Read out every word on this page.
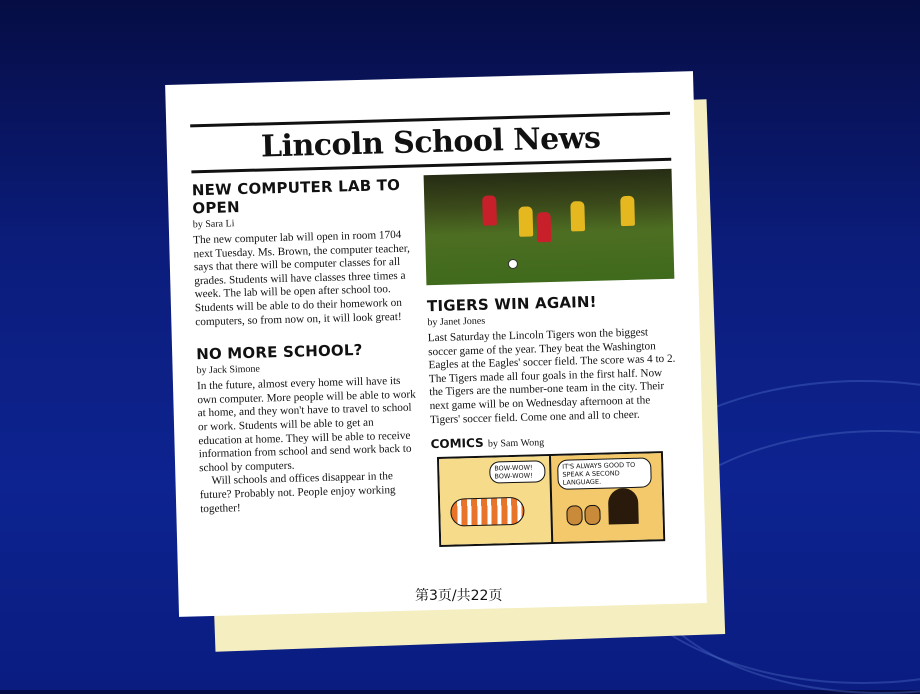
Lincoln School News
NEW COMPUTER LAB TO OPEN
by Sara Li

The new computer lab will open in room 1704 next Tuesday. Ms. Brown, the computer teacher, says that there will be computer classes for all grades. Students will have classes three times a week. The lab will be open after school too. Students will be able to do their homework on computers, so from now on, it will look great!

NO MORE SCHOOL?
by Jack Simone

In the future, almost every home will have its own computer. More people will be able to work at home, and they won't have to travel to school or work. Students will be able to get an education at home. They will be able to receive information from school and send work back to school by computers.

Will schools and offices disappear in the future? Probably not. People enjoy working together!

TIGERS WIN AGAIN!
by Janet Jones

Last Saturday the Lincoln Tigers won the biggest soccer game of the year. They beat the Washington Eagles at the Eagles' soccer field. The score was 4 to 2. The Tigers made all four goals in the first half. Now the Tigers are the number-one team in the city. Their next game will be on Wednesday afternoon at the Tigers' soccer field. Come one and all to cheer.

COMICS by Sam Wong
BOW-WOW! BOW-WOW!
IT'S ALWAYS GOOD TO SPEAK A SECOND LANGUAGE.
第3页/共22页
